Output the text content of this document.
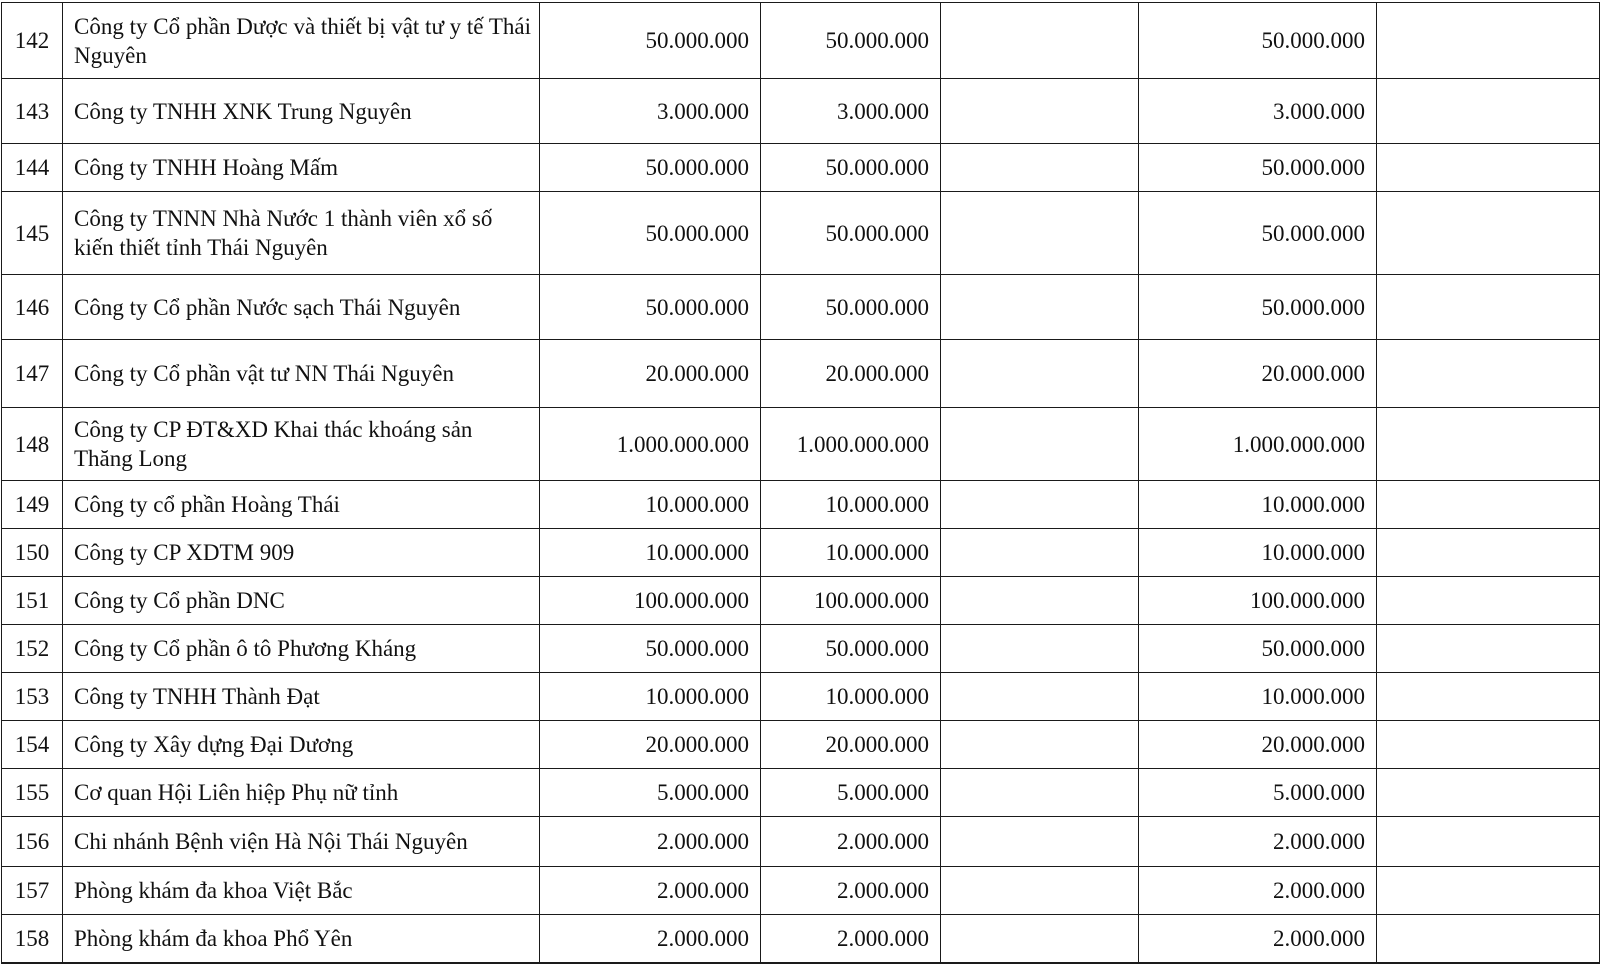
142	Công ty Cổ phần Dược và thiết bị vật tư y tế Thái Nguyên	50.000.000	50.000.000		50.000.000	
143	Công ty TNHH XNK Trung Nguyên	3.000.000	3.000.000		3.000.000	
144	Công ty TNHH Hoàng Mấm	50.000.000	50.000.000		50.000.000	
145	Công ty TNNN Nhà Nước 1 thành viên xổ số kiến thiết tỉnh Thái Nguyên	50.000.000	50.000.000		50.000.000	
146	Công ty Cổ phần Nước sạch Thái Nguyên	50.000.000	50.000.000		50.000.000	
147	Công ty Cổ phần vật tư NN Thái Nguyên	20.000.000	20.000.000		20.000.000	
148	Công ty CP ĐT&XD Khai thác khoáng sản Thăng Long	1.000.000.000	1.000.000.000		1.000.000.000	
149	Công ty cổ phần Hoàng Thái	10.000.000	10.000.000		10.000.000	
150	Công ty CP XDTM 909	10.000.000	10.000.000		10.000.000	
151	Công ty Cổ phần DNC	100.000.000	100.000.000		100.000.000	
152	Công ty Cổ phần ô tô Phương Kháng	50.000.000	50.000.000		50.000.000	
153	Công ty TNHH Thành Đạt	10.000.000	10.000.000		10.000.000	
154	Công ty Xây dựng Đại Dương	20.000.000	20.000.000		20.000.000	
155	Cơ quan Hội Liên hiệp Phụ nữ tỉnh	5.000.000	5.000.000		5.000.000	
156	Chi nhánh Bệnh viện Hà Nội Thái Nguyên	2.000.000	2.000.000		2.000.000	
157	Phòng khám đa khoa Việt Bắc	2.000.000	2.000.000		2.000.000	
158	Phòng khám đa khoa Phổ Yên	2.000.000	2.000.000		2.000.000	
